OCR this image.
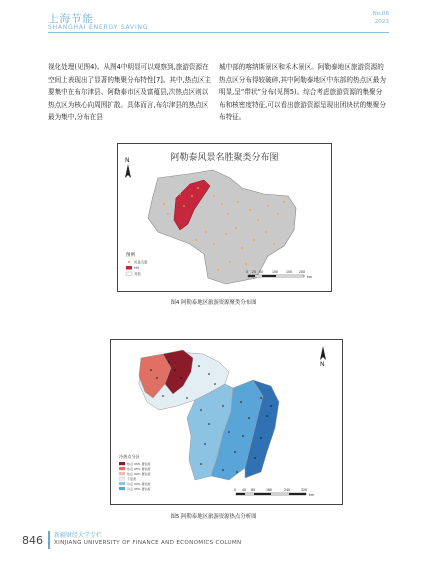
上海节能
SHANGHAI ENERGY SAVING
No.06
2023

视化处理(见图4)。从图4中明显可以观察到,旅游资源在空间上表现出了显著的集聚分布特性[7]。其中,热点区主要集中在布尔津县、阿勒泰市区及富蕴县,次热点区则以热点区为核心向周围扩散。具体而言,布尔津县的热点区最为集中,分布在县

城中部的喀纳斯景区和禾木景区。阿勒泰地区旅游资源的热点区分布得较破碎,其中阿勒泰地区中东部的热点区最为明显,呈“带状”分布(见图5)。综合考虑旅游资源的集聚分布和核密度特征,可以看出旅游资源呈现出团块状的集聚分布特征。

阿勒泰风景名胜聚类分布图
N
图例
风景名胜
HH
其他	0 25 50	100 150 200
km
图4 阿勒泰地区旅游资源聚类分布图
N
冷热点分区
热点 99% 置信度
热点 95% 置信度
热点 90% 置信度
不显著
冷点 90% 置信度
冷点 95% 置信度	0 40 80	160	240	320
km
图5 阿勒泰地区旅游资源热点分析图
846 新疆财经大学专栏
XINJIANG UNIVERSITY OF FINANCE AND ECONOMICS COLUMN
